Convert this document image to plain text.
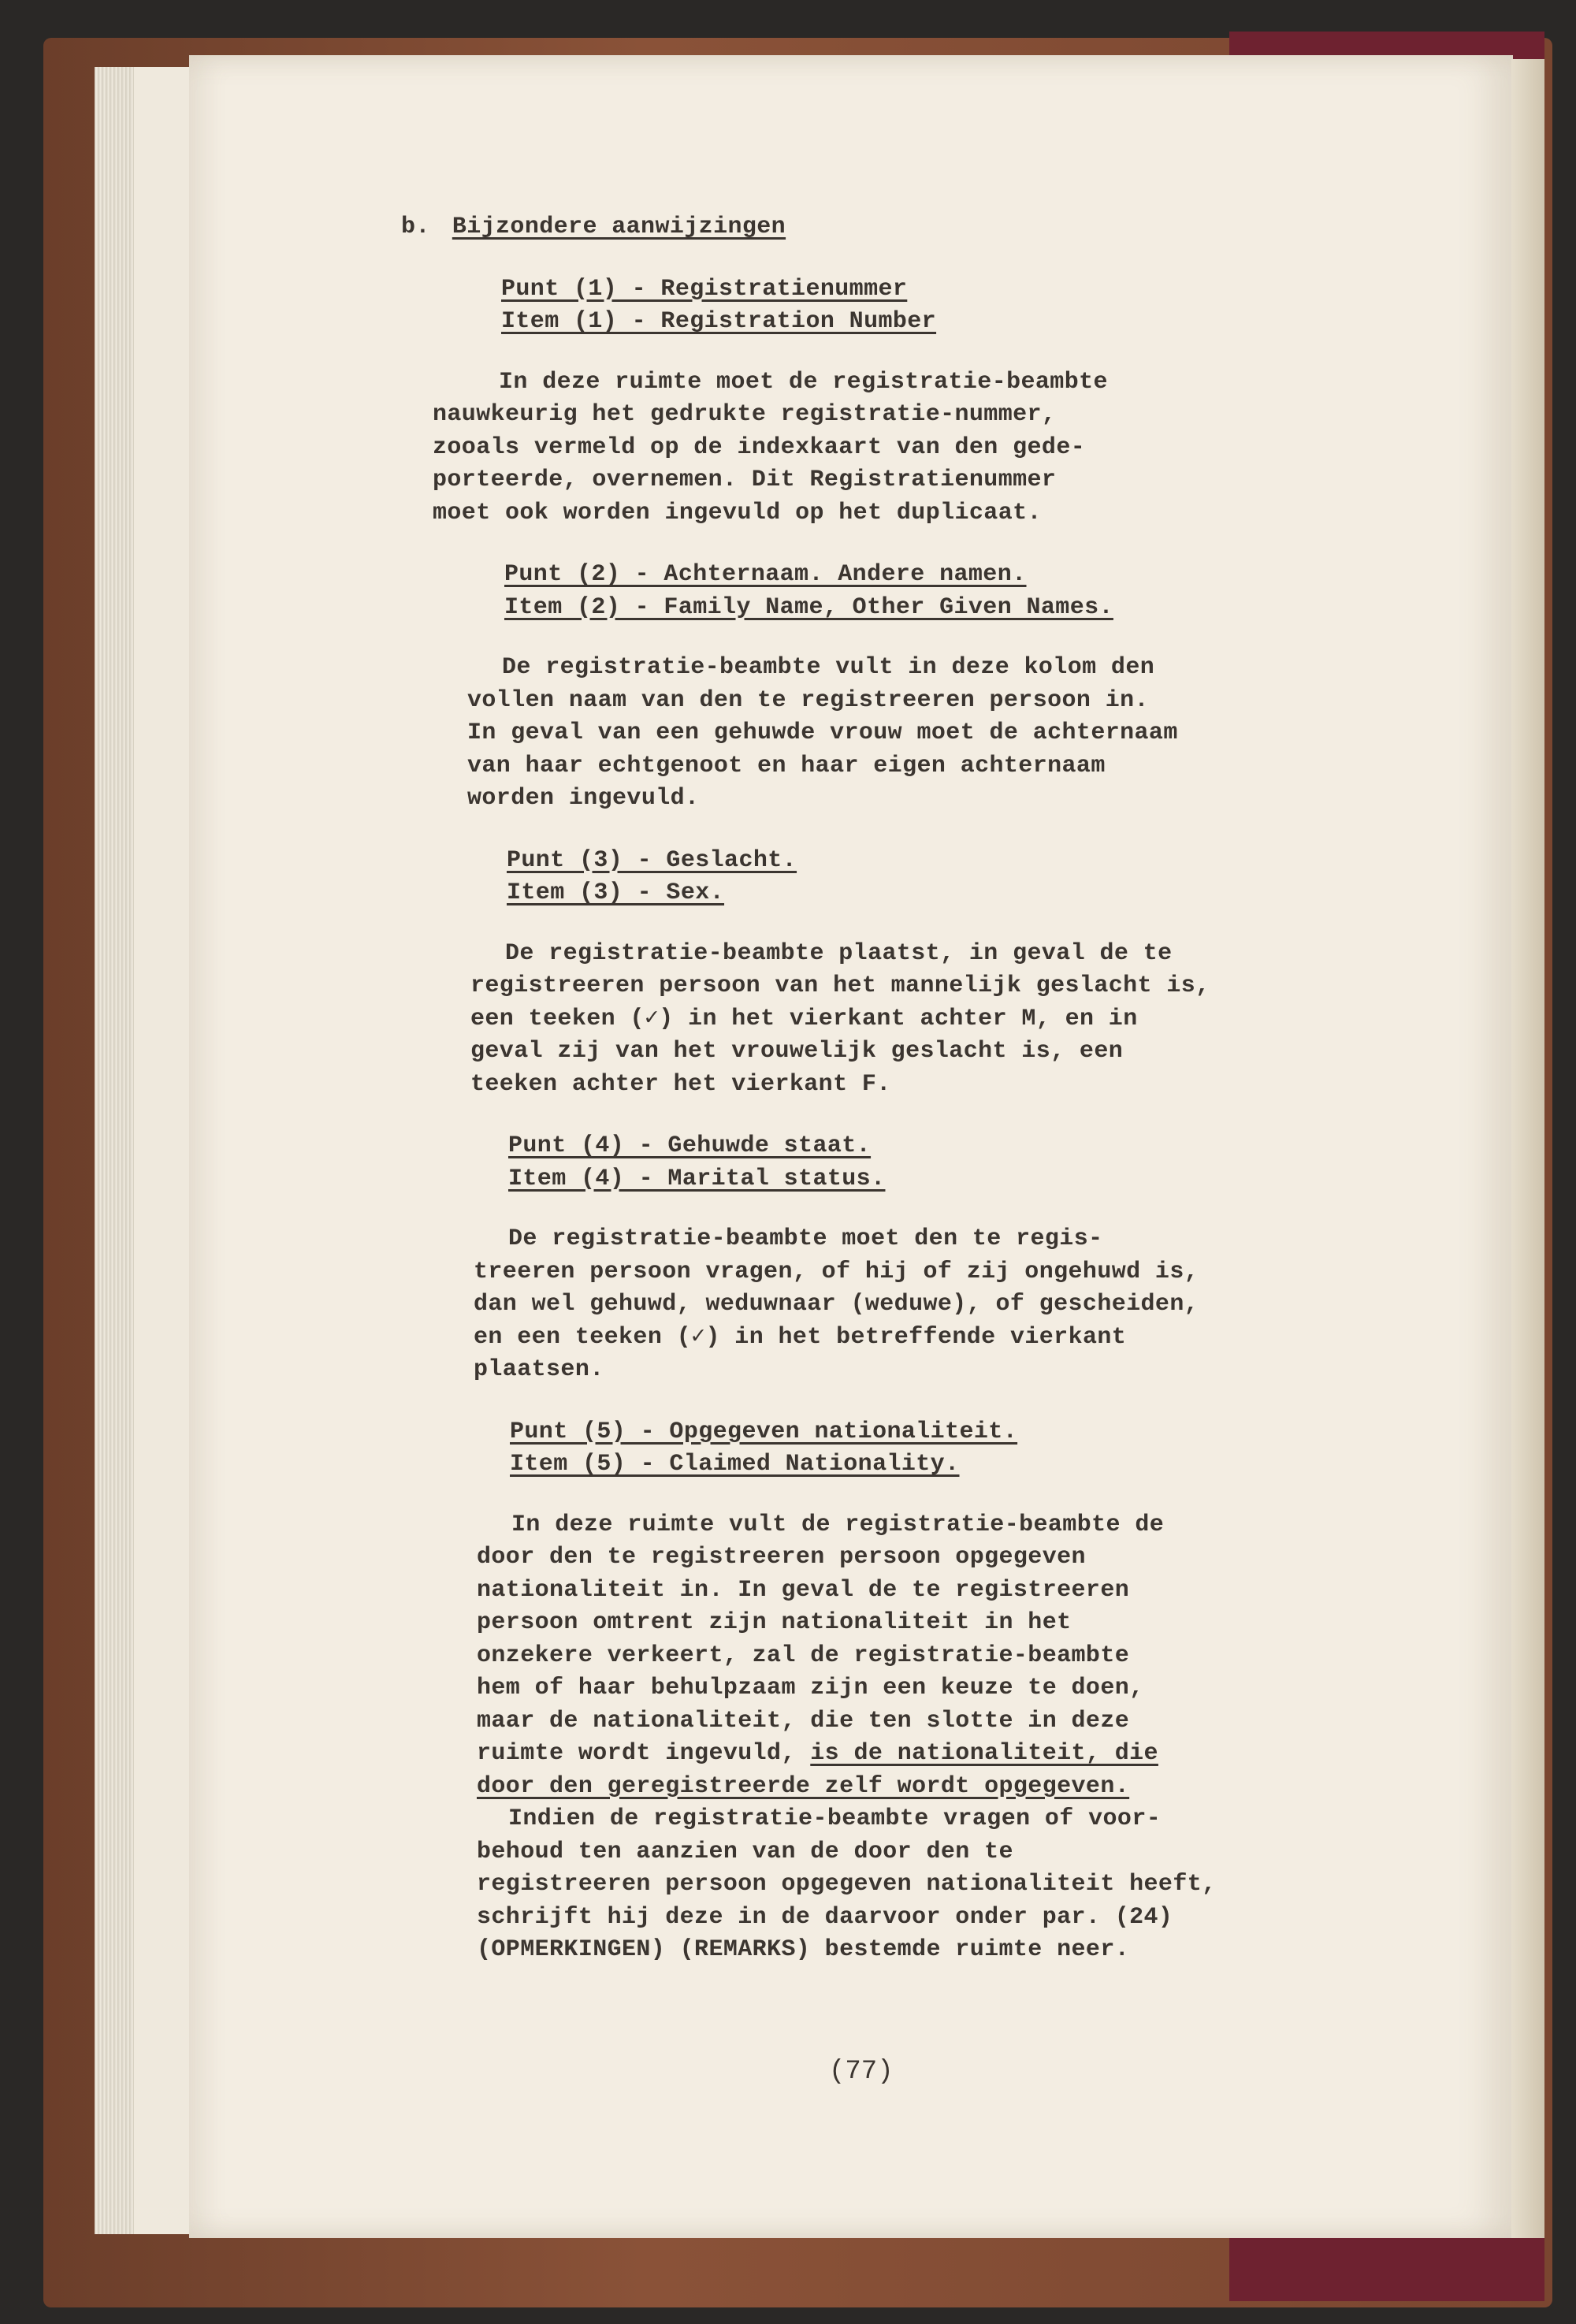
b. Bijzondere aanwijzingen
Punt (1) - Registratienummer
Item (1) - Registration Number
In deze ruimte moet de registratie-beambte
nauwkeurig het gedrukte registratie-nummer,
zooals vermeld op de indexkaart van den gede-
porteerde, overnemen. Dit Registratienummer
moet ook worden ingevuld op het duplicaat.
Punt (2) - Achternaam. Andere namen.
Item (2) - Family Name, Other Given Names.
De registratie-beambte vult in deze kolom den
vollen naam van den te registreeren persoon in.
In geval van een gehuwde vrouw moet de achternaam
van haar echtgenoot en haar eigen achternaam
worden ingevuld.
Punt (3) - Geslacht.
Item (3) - Sex.
De registratie-beambte plaatst, in geval de te
registreeren persoon van het mannelijk geslacht is,
een teeken (✓) in het vierkant achter M, en in
geval zij van het vrouwelijk geslacht is, een
teeken achter het vierkant F.
Punt (4) - Gehuwde staat.
Item (4) - Marital status.
De registratie-beambte moet den te regis-
treeren persoon vragen, of hij of zij ongehuwd is,
dan wel gehuwd, weduwnaar (weduwe), of gescheiden,
en een teeken (✓) in het betreffende vierkant
plaatsen.
Punt (5) - Opgegeven nationaliteit.
Item (5) - Claimed Nationality.
In deze ruimte vult de registratie-beambte de
door den te registreeren persoon opgegeven
nationaliteit in. In geval de te registreeren
persoon omtrent zijn nationaliteit in het
onzekere verkeert, zal de registratie-beambte
hem of haar behulpzaam zijn een keuze te doen,
maar de nationaliteit, die ten slotte in deze
ruimte wordt ingevuld, is de nationaliteit, die
door den geregistreerde zelf wordt opgegeven.
Indien de registratie-beambte vragen of voor-
behoud ten aanzien van de door den te
registreeren persoon opgegeven nationaliteit heeft,
schrijft hij deze in de daarvoor onder par. (24)
(OPMERKINGEN) (REMARKS) bestemde ruimte neer.
(77)
